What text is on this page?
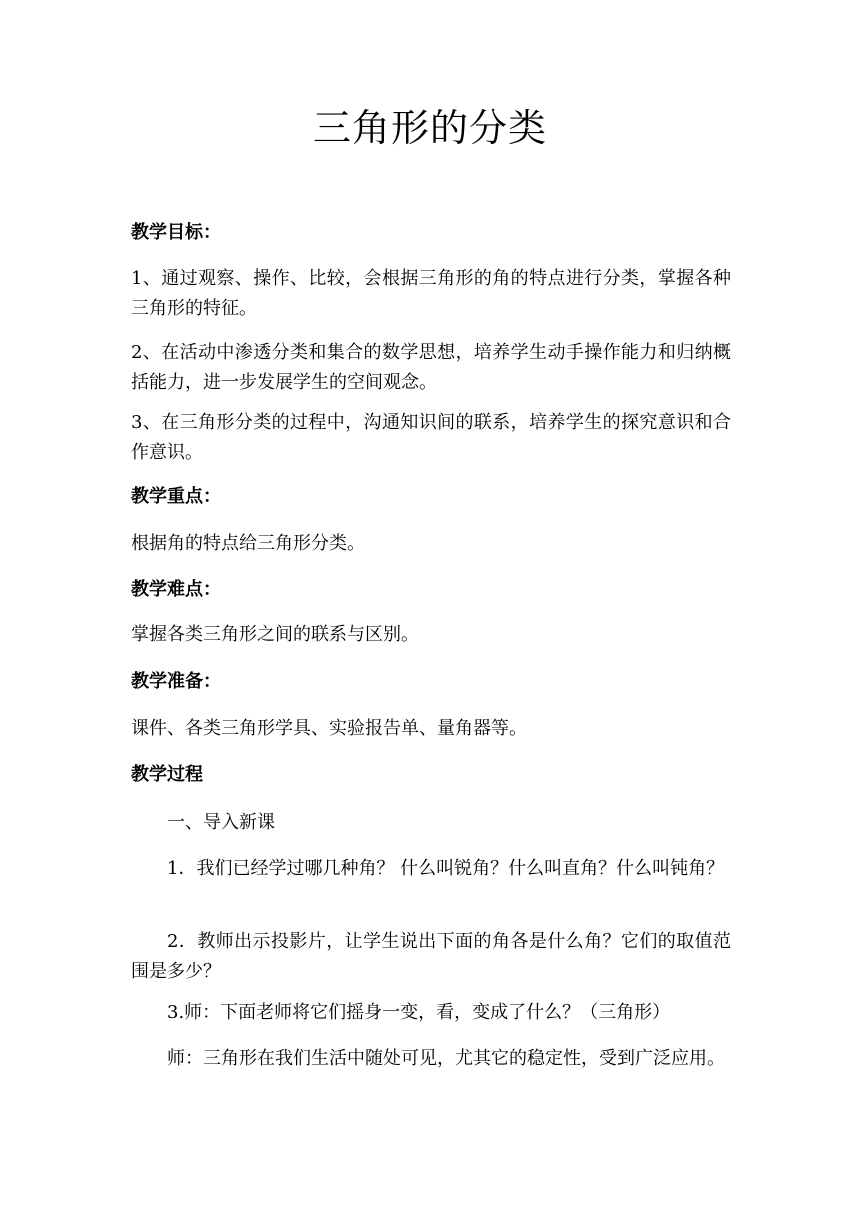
三角形的分类

教学目标：

1、通过观察、操作、比较，会根据三角形的角的特点进行分类，掌握各种三角形的特征。

2、在活动中渗透分类和集合的数学思想，培养学生动手操作能力和归纳概括能力，进一步发展学生的空间观念。

3、在三角形分类的过程中，沟通知识间的联系，培养学生的探究意识和合作意识。

教学重点：

根据角的特点给三角形分类。

教学难点：

掌握各类三角形之间的联系与区别。

教学准备：

课件、各类三角形学具、实验报告单、量角器等。

教学过程

一、导入新课

1．我们已经学过哪几种角？ 什么叫锐角？什么叫直角？什么叫钝角？

2．教师出示投影片，让学生说出下面的角各是什么角？它们的取值范围是多少？

3.师：下面老师将它们摇身一变，看，变成了什么？（三角形）

师：三角形在我们生活中随处可见，尤其它的稳定性，受到广泛应用。
